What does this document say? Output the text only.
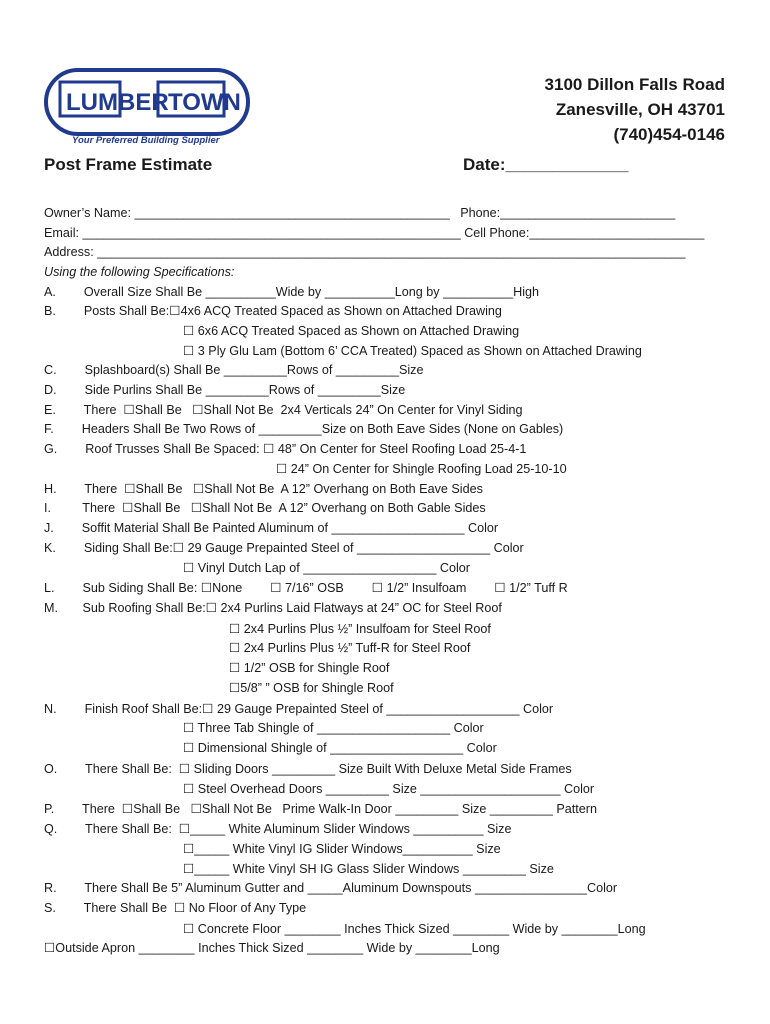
LUMBER TOWN
Your Preferred Building Supplier
3100 Dillon Falls Road
Zanesville, OH 43701
(740)454-0146
Post Frame Estimate	Date:_____________
Owner’s Name: _____________________________________________   Phone:_________________________
Email: ______________________________________________________ Cell Phone:_________________________
Address: ____________________________________________________________________________________
Using the following Specifications:
A.        Overall Size Shall Be __________Wide by __________Long by __________High
B.        Posts Shall Be:☐4x6 ACQ Treated Spaced as Shown on Attached Drawing
☐ 6x6 ACQ Treated Spaced as Shown on Attached Drawing
☐ 3 Ply Glu Lam (Bottom 6’ CCA Treated) Spaced as Shown on Attached Drawing
C.        Splashboard(s) Shall Be _________Rows of _________Size
D.        Side Purlins Shall Be _________Rows of _________Size
E.        There  ☐Shall Be   ☐Shall Not Be  2x4 Verticals 24” On Center for Vinyl Siding
F.        Headers Shall Be Two Rows of _________Size on Both Eave Sides (None on Gables)
G.        Roof Trusses Shall Be Spaced: ☐ 48” On Center for Steel Roofing Load 25-4-1
☐ 24” On Center for Shingle Roofing Load 25-10-10
H.        There  ☐Shall Be   ☐Shall Not Be  A 12” Overhang on Both Eave Sides
I.         There  ☐Shall Be   ☐Shall Not Be  A 12” Overhang on Both Gable Sides
J.        Soffit Material Shall Be Painted Aluminum of ___________________ Color
K.        Siding Shall Be:☐ 29 Gauge Prepainted Steel of ___________________ Color
☐ Vinyl Dutch Lap of ___________________ Color
L.        Sub Siding Shall Be: ☐None        ☐ 7/16” OSB        ☐ 1/2” Insulfoam        ☐ 1/2” Tuff R
M.       Sub Roofing Shall Be:☐ 2x4 Purlins Laid Flatways at 24” OC for Steel Roof
☐ 2x4 Purlins Plus ½” Insulfoam for Steel Roof
☐ 2x4 Purlins Plus ½” Tuff-R for Steel Roof
☐ 1/2” OSB for Shingle Roof
☐5/8” ” OSB for Shingle Roof
N.        Finish Roof Shall Be:☐ 29 Gauge Prepainted Steel of ___________________ Color
☐ Three Tab Shingle of ___________________ Color
☐ Dimensional Shingle of ___________________ Color
O.        There Shall Be:  ☐ Sliding Doors _________ Size Built With Deluxe Metal Side Frames
☐ Steel Overhead Doors _________ Size ____________________ Color
P.        There  ☐Shall Be   ☐Shall Not Be   Prime Walk-In Door _________ Size _________ Pattern
Q.        There Shall Be:  ☐_____ White Aluminum Slider Windows __________ Size
☐_____ White Vinyl IG Slider Windows__________ Size
☐_____ White Vinyl SH IG Glass Slider Windows _________ Size
R.        There Shall Be 5” Aluminum Gutter and _____Aluminum Downspouts ________________Color
S.        There Shall Be  ☐ No Floor of Any Type
☐ Concrete Floor ________ Inches Thick Sized ________ Wide by ________Long
☐Outside Apron ________ Inches Thick Sized ________ Wide by ________Long
